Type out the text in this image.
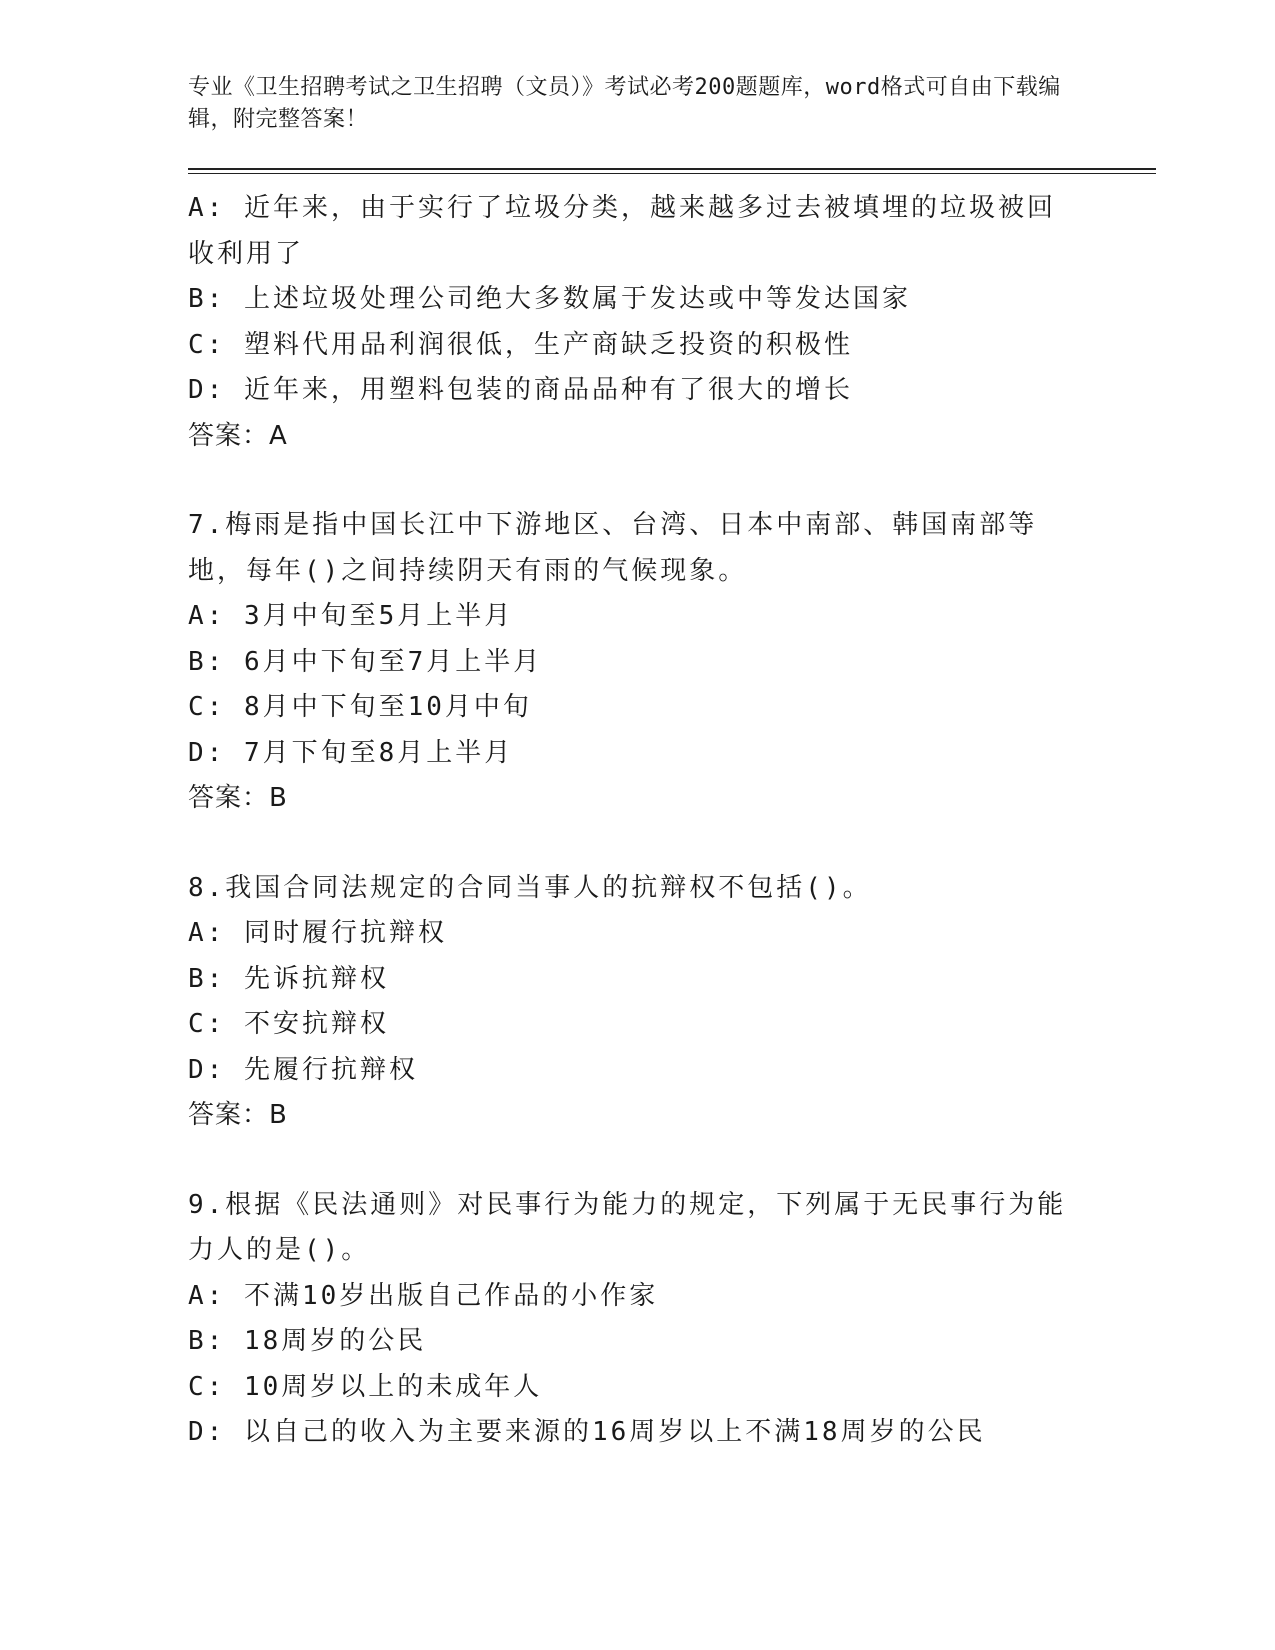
专业《卫生招聘考试之卫生招聘（文员）》考试必考200题题库，word格式可自由下载编辑，附完整答案！
A: 近年来，由于实行了垃圾分类，越来越多过去被填埋的垃圾被回收利用了
B: 上述垃圾处理公司绝大多数属于发达或中等发达国家
C: 塑料代用品利润很低，生产商缺乏投资的积极性
D: 近年来，用塑料包装的商品品种有了很大的增长
答案：A
7.梅雨是指中国长江中下游地区、台湾、日本中南部、韩国南部等地，每年()之间持续阴天有雨的气候现象。
A: 3月中旬至5月上半月
B: 6月中下旬至7月上半月
C: 8月中下旬至10月中旬
D: 7月下旬至8月上半月
答案：B
8.我国合同法规定的合同当事人的抗辩权不包括()。
A: 同时履行抗辩权
B: 先诉抗辩权
C: 不安抗辩权
D: 先履行抗辩权
答案：B
9.根据《民法通则》对民事行为能力的规定，下列属于无民事行为能力人的是()。
A: 不满10岁出版自己作品的小作家
B: 18周岁的公民
C: 10周岁以上的未成年人
D: 以自己的收入为主要来源的16周岁以上不满18周岁的公民
